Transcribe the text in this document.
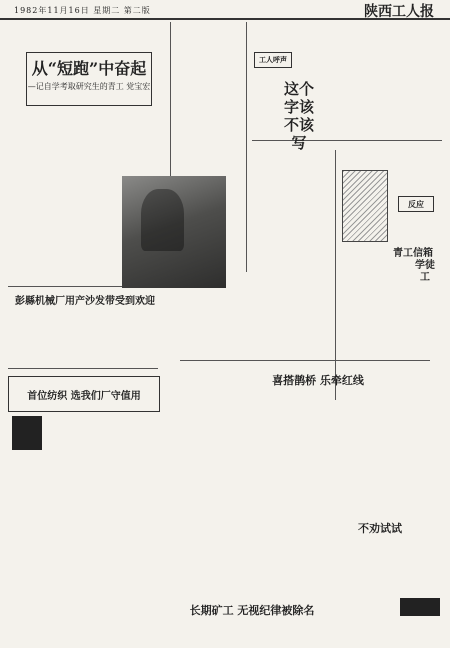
1982年11月16日 星期二 第二版	陕西工人报
从“短跑”中奋起
—记自学考取研究生的青工 党宝宏
工人呼声
这个字该不该写
彭縣机械厂用产沙发带受到欢迎
首位纺织 选我们厂守值用
喜搭鹊桥 乐牵红线
青工信箱
学徒工
反应
不劝试试
长期矿工 无视纪律被除名
